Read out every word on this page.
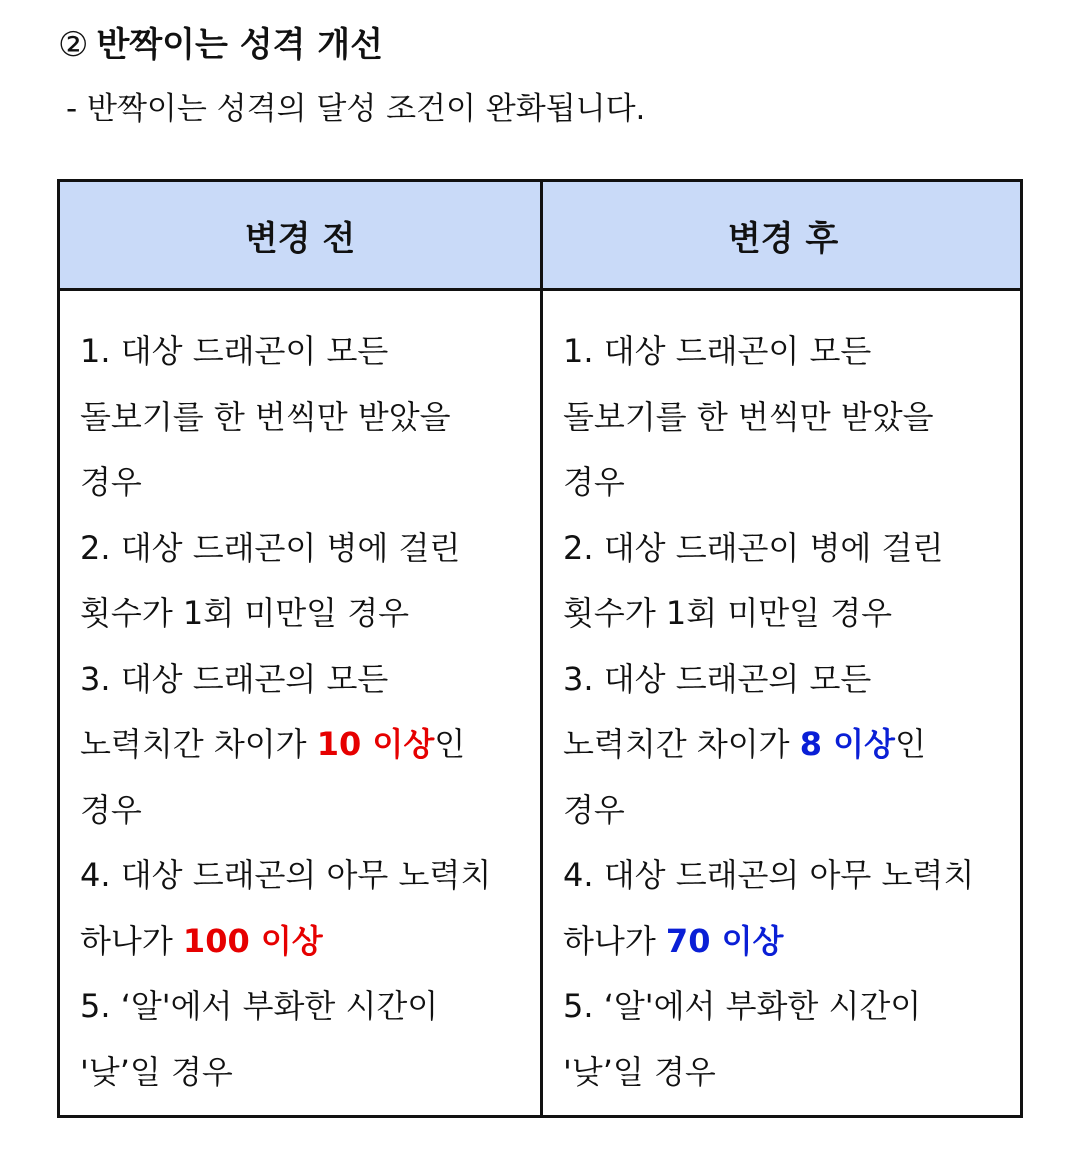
② 반짝이는 성격 개선
- 반짝이는 성격의 달성 조건이 완화됩니다.
변경 전	변경 후
1. 대상 드래곤이 모든
돌보기를 한 번씩만 받았을
경우
2. 대상 드래곤이 병에 걸린
횟수가 1회 미만일 경우
3. 대상 드래곤의 모든
노력치간 차이가 10 이상인
경우
4. 대상 드래곤의 아무 노력치
하나가 100 이상
5. ‘알'에서 부화한 시간이
'낮’일 경우
1. 대상 드래곤이 모든
돌보기를 한 번씩만 받았을
경우
2. 대상 드래곤이 병에 걸린
횟수가 1회 미만일 경우
3. 대상 드래곤의 모든
노력치간 차이가 8 이상인
경우
4. 대상 드래곤의 아무 노력치
하나가 70 이상
5. ‘알'에서 부화한 시간이
'낮’일 경우
